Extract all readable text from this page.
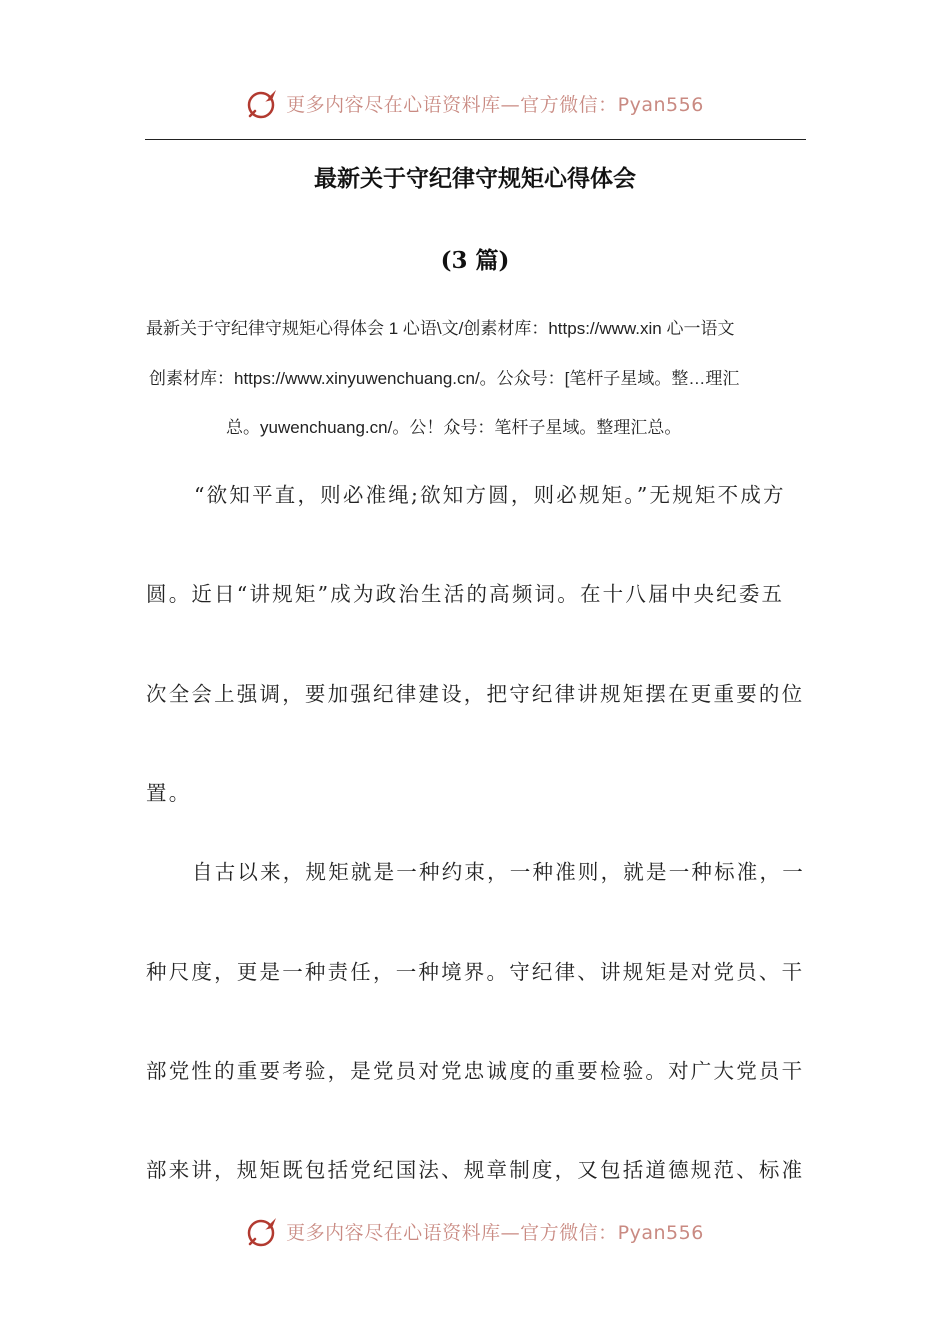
更多内容尽在心语资料库—官方微信：Pyan556
最新关于守纪律守规矩心得体会
(3 篇)
最新关于守纪律守规矩心得体会 1 心语\文/创素材库：https://www.xin 心一语文
创素材库：https://www.xinyuwenchuang.cn/。公众号：[笔杆子星域。整…理汇
总。yuwenchuang.cn/。公！众号：笔杆子星域。整理汇总。
“欲知平直，则必准绳;欲知方圆，则必规矩。”无规矩不成方
圆。近日“讲规矩”成为政治生活的高频词。在十八届中央纪委五
次全会上强调，要加强纪律建设，把守纪律讲规矩摆在更重要的位
置。
自古以来，规矩就是一种约束，一种准则，就是一种标准，一
种尺度，更是一种责任，一种境界。守纪律、讲规矩是对党员、干
部党性的重要考验，是党员对党忠诚度的重要检验。对广大党员干
部来讲，规矩既包括党纪国法、规章制度，又包括道德规范、标准
更多内容尽在心语资料库—官方微信：Pyan556
